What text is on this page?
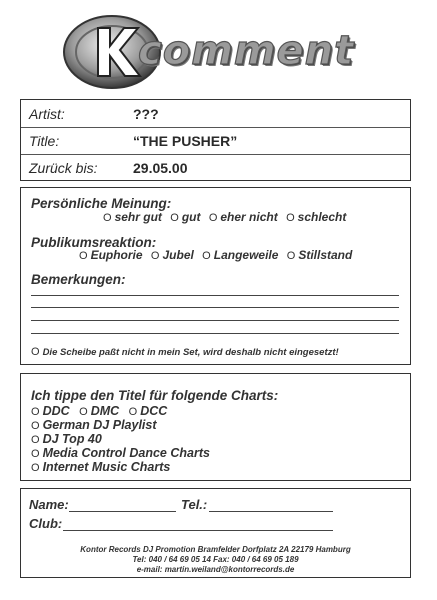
comment
Artist:	???
Title:	“THE PUSHER”
Zurück bis:	29.05.00
Persönliche Meinung:
O sehr gut O gut O eher nicht O schlecht
Publikumsreaktion:
O Euphorie O Jubel O Langeweile O Stillstand
Bemerkungen:
O Die Scheibe paßt nicht in mein Set, wird deshalb nicht eingesetzt!
Ich tippe den Titel für folgende Charts:
O DDC O DMC O DCC
O German DJ Playlist
O DJ Top 40
O Media Control Dance Charts
O Internet Music Charts
Name:	Tel.:
Club:
Kontor Records DJ Promotion Bramfelder Dorfplatz 2A 22179 Hamburg
Tel: 040 / 64 69 05 14 Fax: 040 / 64 69 05 189
e-mail: martin.weiland@kontorrecords.de
